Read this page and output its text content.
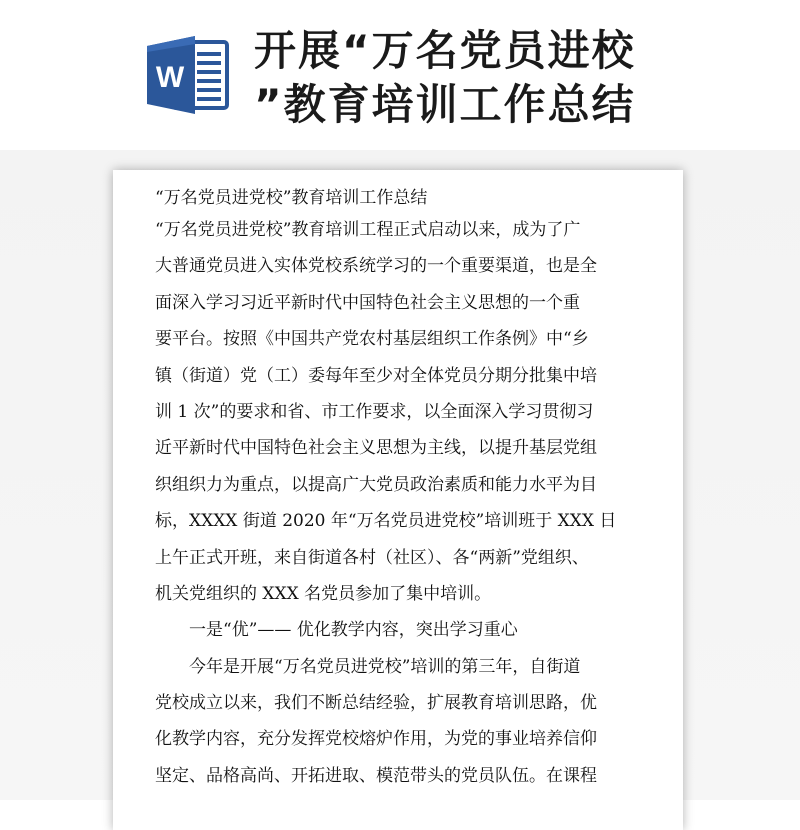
W
开展“万名党员进校
”教育培训工作总结
“万名党员进党校”教育培训工作总结
“万名党员进党校”教育培训工程正式启动以来，成为了广
大普通党员进入实体党校系统学习的一个重要渠道，也是全
面深入学习习近平新时代中国特色社会主义思想的一个重
要平台。按照《中国共产党农村基层组织工作条例》中“乡
镇（街道）党（工）委每年至少对全体党员分期分批集中培
训 1 次”的要求和省、市工作要求，以全面深入学习贯彻习
近平新时代中国特色社会主义思想为主线，以提升基层党组
织组织力为重点，以提高广大党员政治素质和能力水平为目
标，XXXX 街道 2020 年“万名党员进党校”培训班于 XXX 日
上午正式开班，来自街道各村（社区）、各“两新”党组织、
机关党组织的 XXX 名党员参加了集中培训。
一是“优”—— 优化教学内容，突出学习重心
今年是开展“万名党员进党校”培训的第三年，自街道
党校成立以来，我们不断总结经验，扩展教育培训思路，优
化教学内容，充分发挥党校熔炉作用，为党的事业培养信仰
坚定、品格高尚、开拓进取、模范带头的党员队伍。在课程
